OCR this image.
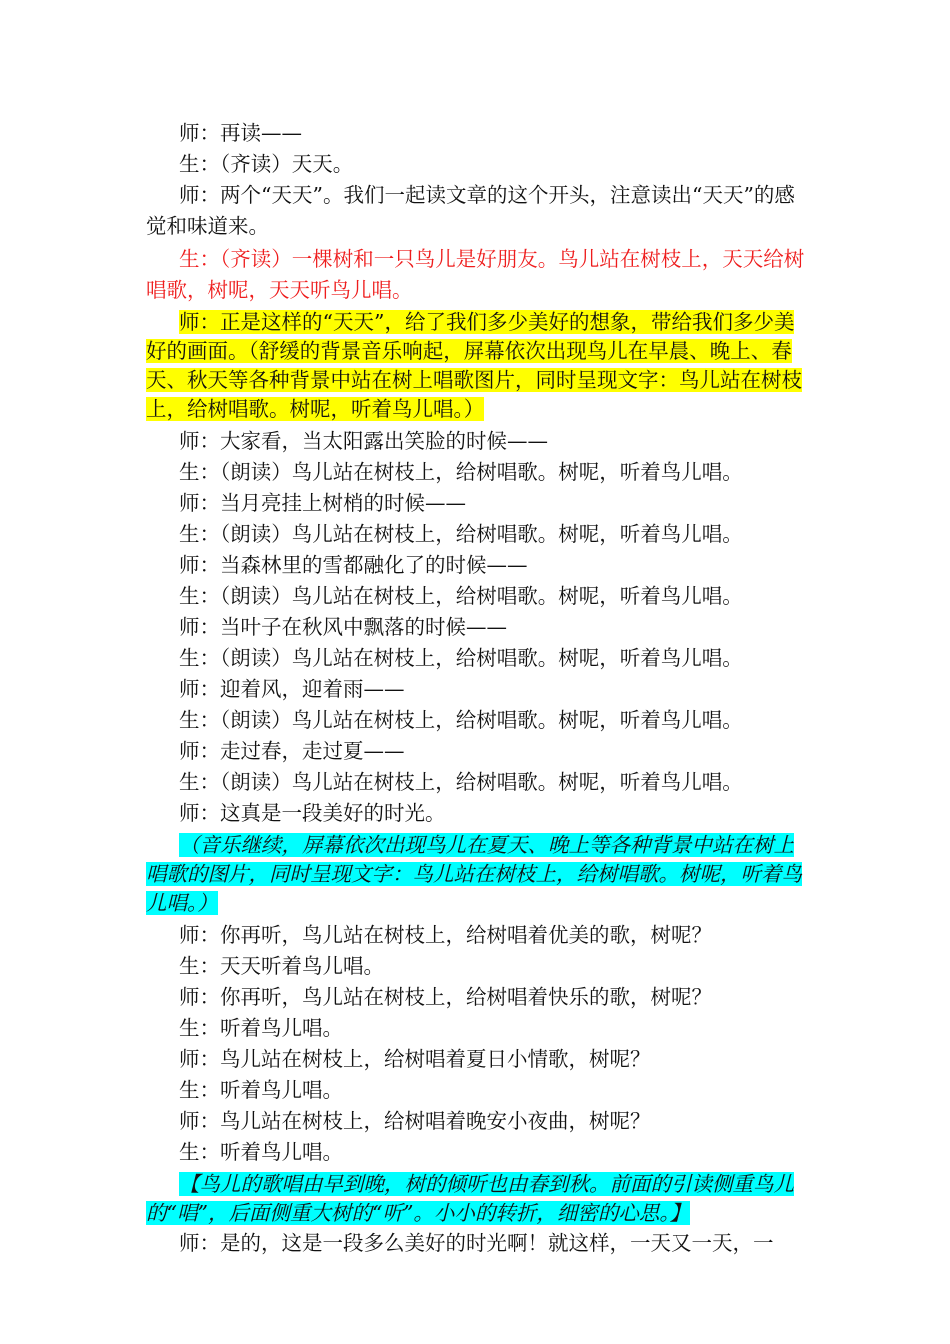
师：再读——

生：（齐读）天天。

师：两个“天天”。我们一起读文章的这个开头，注意读出“天天”的感觉和味道来。

生：（齐读）一棵树和一只鸟儿是好朋友。鸟儿站在树枝上，天天给树唱歌，树呢，天天听鸟儿唱。

师：正是这样的“天天”，给了我们多少美好的想象，带给我们多少美好的画面。（舒缓的背景音乐响起，屏幕依次出现鸟儿在早晨、晚上、春天、秋天等各种背景中站在树上唱歌图片，同时呈现文字：鸟儿站在树枝上，给树唱歌。树呢，听着鸟儿唱。）

师：大家看，当太阳露出笑脸的时候——

生：（朗读）鸟儿站在树枝上，给树唱歌。树呢，听着鸟儿唱。

师：当月亮挂上树梢的时候——

生：（朗读）鸟儿站在树枝上，给树唱歌。树呢，听着鸟儿唱。

师：当森林里的雪都融化了的时候——

生：（朗读）鸟儿站在树枝上，给树唱歌。树呢，听着鸟儿唱。

师：当叶子在秋风中飘落的时候——

生：（朗读）鸟儿站在树枝上，给树唱歌。树呢，听着鸟儿唱。

师：迎着风，迎着雨——

生：（朗读）鸟儿站在树枝上，给树唱歌。树呢，听着鸟儿唱。

师：走过春，走过夏——

生：（朗读）鸟儿站在树枝上，给树唱歌。树呢，听着鸟儿唱。

师：这真是一段美好的时光。

（音乐继续，屏幕依次出现鸟儿在夏天、晚上等各种背景中站在树上唱歌的图片，同时呈现文字：鸟儿站在树枝上，给树唱歌。树呢，听着鸟儿唱。）

师：你再听，鸟儿站在树枝上，给树唱着优美的歌，树呢？

生：天天听着鸟儿唱。

师：你再听，鸟儿站在树枝上，给树唱着快乐的歌，树呢？

生：听着鸟儿唱。

师：鸟儿站在树枝上，给树唱着夏日小情歌，树呢？

生：听着鸟儿唱。

师：鸟儿站在树枝上，给树唱着晚安小夜曲，树呢？

生：听着鸟儿唱。

【鸟儿的歌唱由早到晚，树的倾听也由春到秋。前面的引读侧重鸟儿的“唱”，后面侧重大树的“听”。小小的转折，细密的心思。】

师：是的，这是一段多么美好的时光啊！就这样，一天又一天，一
